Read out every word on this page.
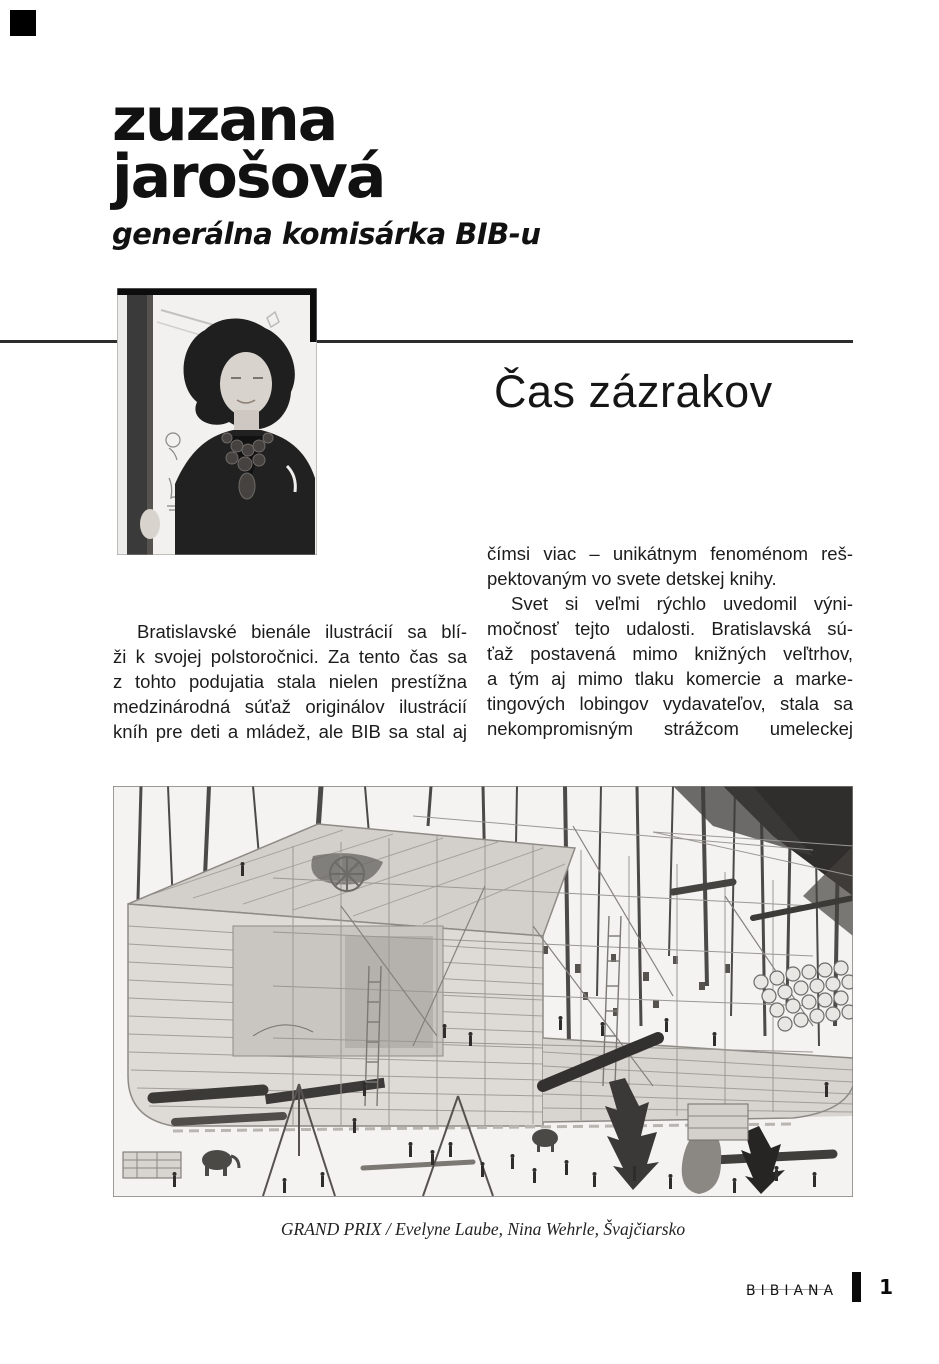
zuzana
jarošová
generálna komisárka BIB-u
Čas zázrakov
Bratislavské bienále ilustrácií sa blí-
ži k svojej polstoročnici. Za tento čas sa
z tohto podujatia stala nielen prestížna
medzinárodná súťaž originálov ilustrácií
kníh pre deti a mládež, ale BIB sa stal aj
čímsi viac – unikátnym fenoménom reš-
pektovaným vo svete detskej knihy.
Svet si veľmi rýchlo uvedomil výni-
močnosť tejto udalosti. Bratislavská sú-
ťaž postavená mimo knižných veľtrhov,
a tým aj mimo tlaku komercie a marke-
tingových lobingov vydavateľov, stala sa
nekompromisným strážcom umeleckej
GRAND PRIX / Evelyne Laube, Nina Wehrle, Švajčiarsko
BIBIANA 1
